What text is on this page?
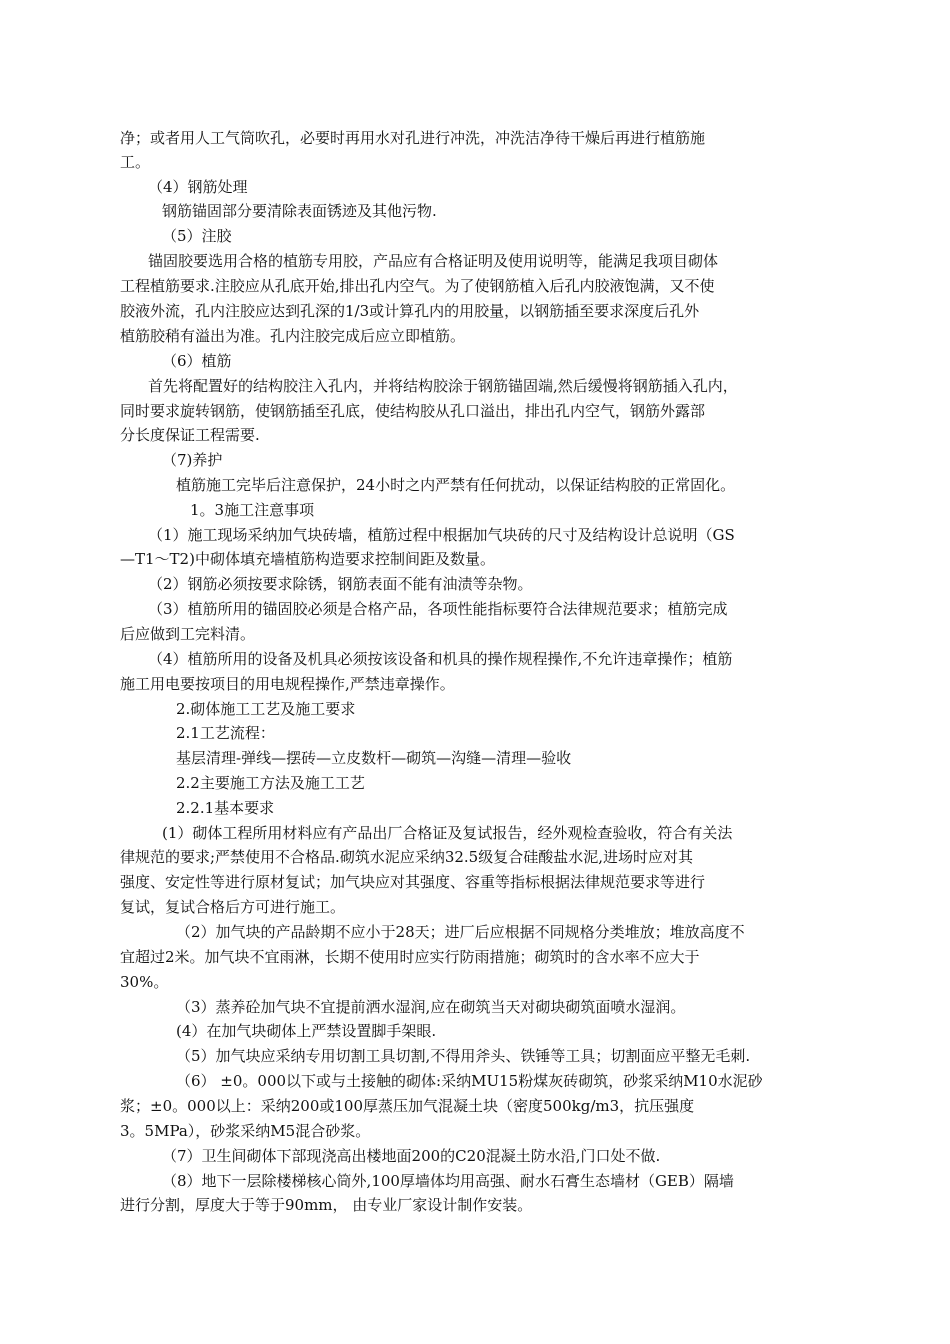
净；或者用人工气筒吹孔，必要时再用水对孔进行冲洗，冲洗洁净待干燥后再进行植筋施
工。
（4）钢筋处理
钢筋锚固部分要清除表面锈迹及其他污物.
（5）注胶
锚固胶要选用合格的植筋专用胶，产品应有合格证明及使用说明等，能满足我项目砌体
工程植筋要求.注胶应从孔底开始,排出孔内空气。为了使钢筋植入后孔内胶液饱满，又不使
胶液外流，孔内注胶应达到孔深的1/3或计算孔内的用胶量，以钢筋插至要求深度后孔外
植筋胶稍有溢出为准。孔内注胶完成后应立即植筋。
（6）植筋
首先将配置好的结构胶注入孔内，并将结构胶涂于钢筋锚固端,然后缓慢将钢筋插入孔内，
同时要求旋转钢筋，使钢筋插至孔底，使结构胶从孔口溢出，排出孔内空气，钢筋外露部
分长度保证工程需要.
（7)养护
植筋施工完毕后注意保护，24小时之内严禁有任何扰动，以保证结构胶的正常固化。
1。3施工注意事项
（1）施工现场采纳加气块砖墙，植筋过程中根据加气块砖的尺寸及结构设计总说明（GS
—T1～T2)中砌体填充墙植筋构造要求控制间距及数量。
（2）钢筋必须按要求除锈，钢筋表面不能有油渍等杂物。
（3）植筋所用的锚固胶必须是合格产品，各项性能指标要符合法律规范要求；植筋完成
后应做到工完料清。
（4）植筋所用的设备及机具必须按该设备和机具的操作规程操作,不允许违章操作；植筋
施工用电要按项目的用电规程操作,严禁违章操作。
2.砌体施工工艺及施工要求
2.1工艺流程：
基层清理-弹线—摆砖—立皮数杆—砌筑—沟缝—清理—验收
2.2主要施工方法及施工工艺
2.2.1基本要求
(1）砌体工程所用材料应有产品出厂合格证及复试报告，经外观检查验收，符合有关法
律规范的要求;严禁使用不合格品.砌筑水泥应采纳32.5级复合硅酸盐水泥,进场时应对其
强度、安定性等进行原材复试；加气块应对其强度、容重等指标根据法律规范要求等进行
复试，复试合格后方可进行施工。
（2）加气块的产品龄期不应小于28天；进厂后应根据不同规格分类堆放；堆放高度不
宜超过2米。加气块不宜雨淋，长期不使用时应实行防雨措施；砌筑时的含水率不应大于
30%。
（3）蒸养砼加气块不宜提前洒水湿润,应在砌筑当天对砌块砌筑面喷水湿润。
(4）在加气块砌体上严禁设置脚手架眼.
（5）加气块应采纳专用切割工具切割,不得用斧头、铁锤等工具；切割面应平整无毛刺.
（6） ±0。000以下或与土接触的砌体:采纳MU15粉煤灰砖砌筑，砂浆采纳M10水泥砂
浆；±0。000以上：采纳200或100厚蒸压加气混凝土块（密度500kg/m3，抗压强度
3。5MPa），砂浆采纳M5混合砂浆。
（7）卫生间砌体下部现浇高出楼地面200的C20混凝土防水沿,门口处不做.
（8）地下一层除楼梯核心筒外,100厚墙体均用高强、耐水石膏生态墙材（GEB）隔墙
进行分割，厚度大于等于90mm， 由专业厂家设计制作安装。
